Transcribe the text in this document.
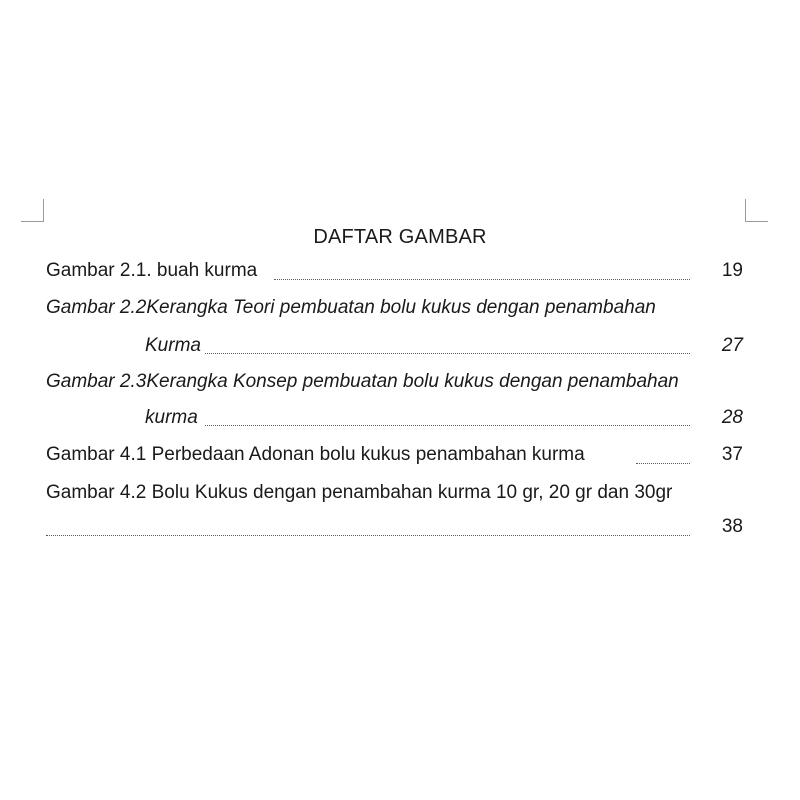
DAFTAR GAMBAR
Gambar 2.1. buah kurma	19
Gambar 2.2Kerangka Teori pembuatan bolu kukus dengan penambahan
Kurma	27
Gambar 2.3Kerangka Konsep pembuatan bolu kukus dengan penambahan
kurma	28
Gambar 4.1 Perbedaan Adonan bolu kukus penambahan kurma	37
Gambar 4.2 Bolu Kukus dengan penambahan kurma 10 gr, 20 gr dan 30gr
38
